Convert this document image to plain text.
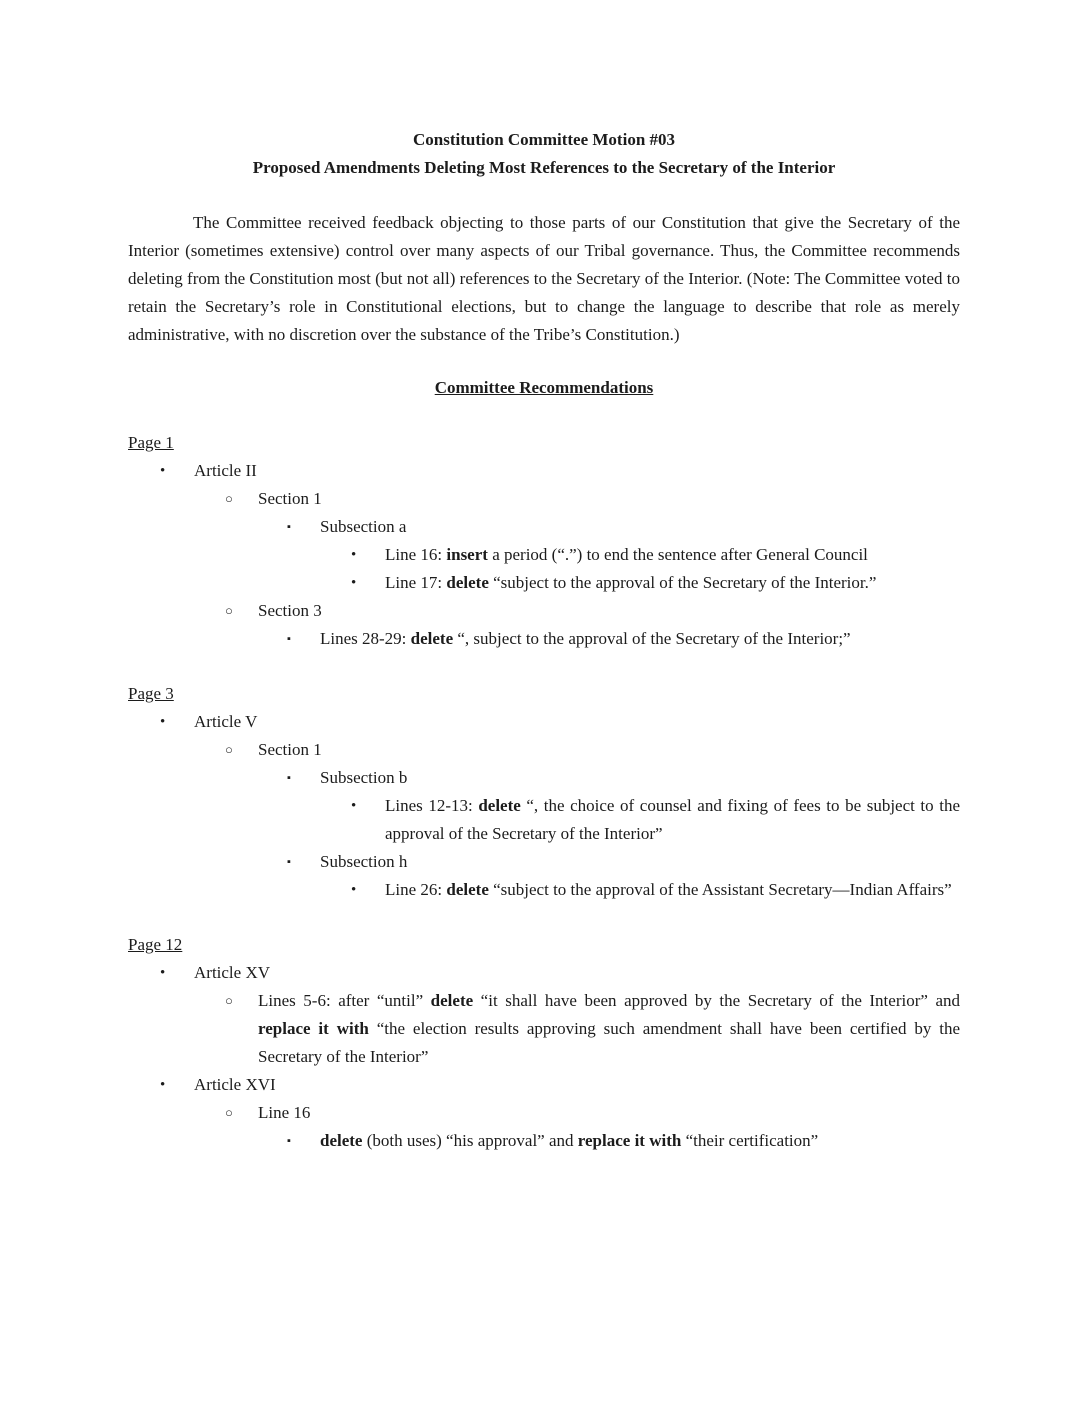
Constitution Committee Motion #03
Proposed Amendments Deleting Most References to the Secretary of the Interior

The Committee received feedback objecting to those parts of our Constitution that give the Secretary of the Interior (sometimes extensive) control over many aspects of our Tribal governance. Thus, the Committee recommends deleting from the Constitution most (but not all) references to the Secretary of the Interior. (Note: The Committee voted to retain the Secretary’s role in Constitutional elections, but to change the language to describe that role as merely administrative, with no discretion over the substance of the Tribe’s Constitution.)

Committee Recommendations
Page 1
• Article II
○ Section 1
▪ Subsection a
• Line 16: insert a period (“.”) to end the sentence after General Council
• Line 17: delete “subject to the approval of the Secretary of the Interior.”
○ Section 3
▪ Lines 28-29: delete “, subject to the approval of the Secretary of the Interior;”
Page 3
• Article V
○ Section 1
▪ Subsection b
• Lines 12-13: delete “, the choice of counsel and fixing of fees to be subject to the approval of the Secretary of the Interior”
▪ Subsection h
• Line 26: delete “subject to the approval of the Assistant Secretary—Indian Affairs”
Page 12
• Article XV
○ Lines 5-6: after “until” delete “it shall have been approved by the Secretary of the Interior” and replace it with “the election results approving such amendment shall have been certified by the Secretary of the Interior”
• Article XVI
○ Line 16
▪ delete (both uses) “his approval” and replace it with “their certification”
